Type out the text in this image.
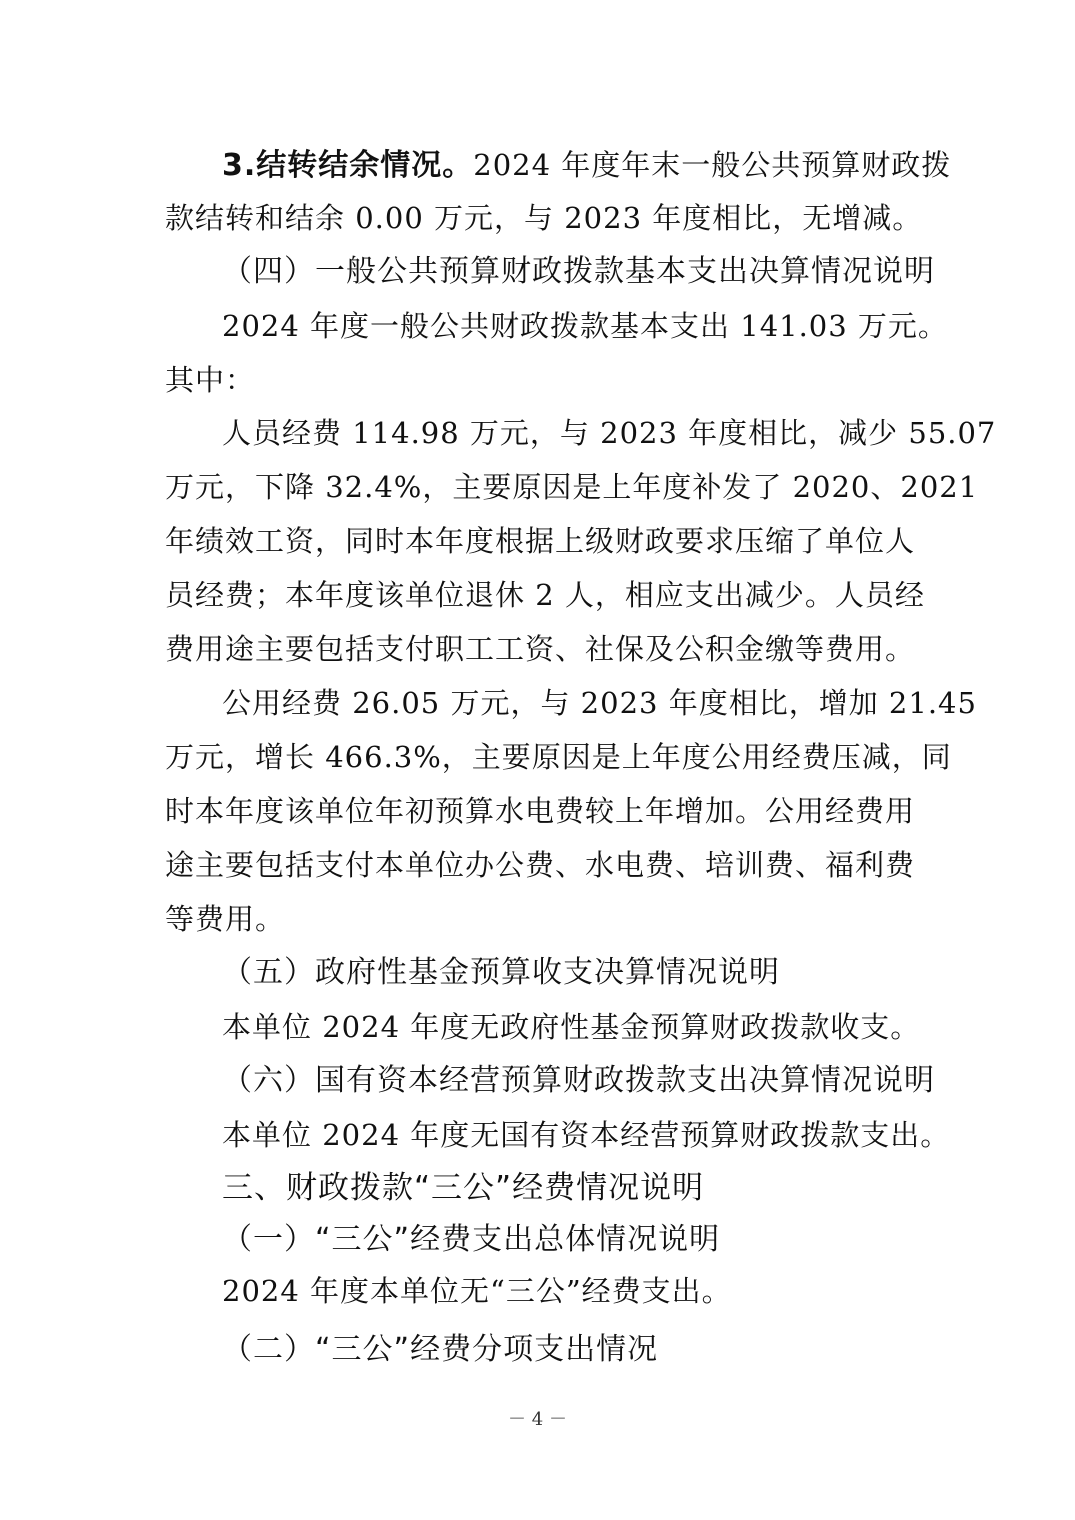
3.结转结余情况。2024 年度年末一般公共预算财政拨
款结转和结余 0.00 万元，与 2023 年度相比，无增减。
（四）一般公共预算财政拨款基本支出决算情况说明
2024 年度一般公共财政拨款基本支出 141.03 万元。
其中：
人员经费 114.98 万元，与 2023 年度相比，减少 55.07
万元，下降 32.4%，主要原因是上年度补发了 2020、2021
年绩效工资，同时本年度根据上级财政要求压缩了单位人
员经费；本年度该单位退休 2 人，相应支出减少。人员经
费用途主要包括支付职工工资、社保及公积金缴等费用。
公用经费 26.05 万元，与 2023 年度相比，增加 21.45
万元，增长 466.3%，主要原因是上年度公用经费压减，同
时本年度该单位年初预算水电费较上年增加。公用经费用
途主要包括支付本单位办公费、水电费、培训费、福利费
等费用。
（五）政府性基金预算收支决算情况说明
本单位 2024 年度无政府性基金预算财政拨款收支。
（六）国有资本经营预算财政拨款支出决算情况说明
本单位 2024 年度无国有资本经营预算财政拨款支出。
三、财政拨款“三公”经费情况说明
（一）“三公”经费支出总体情况说明
2024 年度本单位无“三公”经费支出。
（二）“三公”经费分项支出情况
－ 4 －
